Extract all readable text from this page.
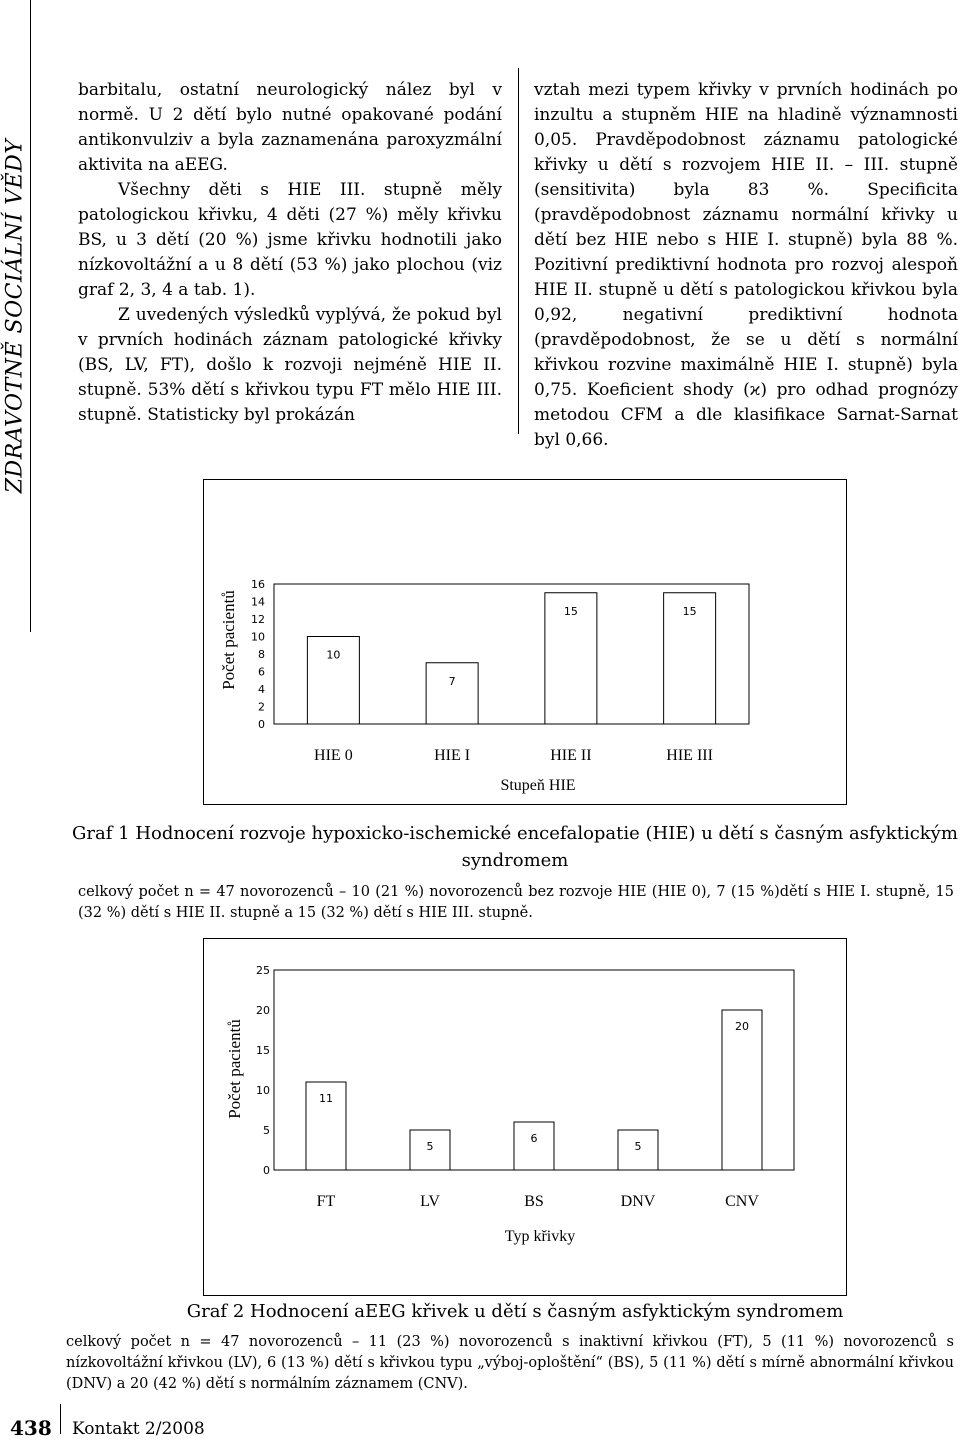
ZDRAVOTNĚ SOCIÁLNÍ VĚDY

barbitalu, ostatní neurologický nález byl v normě. U 2 dětí bylo nutné opakované podání antikonvulziv a byla zaznamenána paroxyzmální aktivita na aEEG.

Všechny děti s HIE III. stupně měly patologickou křivku, 4 děti (27 %) měly křivku BS, u 3 dětí (20 %) jsme křivku hodnotili jako nízkovoltážní a u 8 dětí (53 %) jako plochou (viz graf 2, 3, 4 a tab. 1).

Z uvedených výsledků vyplývá, že pokud byl v prvních hodinách záznam patologické křivky (BS, LV, FT), došlo k rozvoji nejméně HIE II. stupně. 53% dětí s křivkou typu FT mělo HIE III. stupně. Statisticky byl prokázán

vztah mezi typem křivky v prvních hodinách po inzultu a stupněm HIE na hladině významnosti 0,05. Pravděpodobnost záznamu patologické křivky u dětí s rozvojem HIE II. – III. stupně (sensitivita) byla 83 %. Specificita (pravděpodobnost záznamu normální křivky u dětí bez HIE nebo s HIE I. stupně) byla 88 %. Pozitivní prediktivní hodnota pro rozvoj alespoň HIE II. stupně u dětí s patologickou křivkou byla 0,92, negativní prediktivní hodnota (pravděpodobnost, že se u dětí s normální křivkou rozvine maximálně HIE I. stupně) byla 0,75. Koeficient shody (ϰ) pro odhad prognózy metodou CFM a dle klasifikace Sarnat-Sarnat byl 0,66.

0
2
4
6
8
10
12
14
16
Počet pacientů	10
HIE 0
7
HIE I
15
HIE II
15
HIE III
Stupeň HIE
Graf 1 Hodnocení rozvoje hypoxicko-ischemické encefalopatie (HIE) u dětí s časným asfyktickým syndromem
celkový počet n = 47 novorozenců – 10 (21 %) novorozenců bez rozvoje HIE (HIE 0), 7 (15 %)dětí s HIE I. stupně, 15 (32 %) dětí s HIE II. stupně a 15 (32 %) dětí s HIE III. stupně.
0
5
10
15
20
25
Počet pacientů	11
FT
5
LV
6
BS
5
DNV
20
CNV
Typ křivky
Graf 2 Hodnocení aEEG křivek u dětí s časným asfyktickým syndromem
celkový počet n = 47 novorozenců – 11 (23 %) novorozenců s inaktivní křivkou (FT), 5 (11 %) novorozenců s nízkovoltážní křivkou (LV), 6 (13 %) dětí s křivkou typu „výboj-oploštění“ (BS), 5 (11 %) dětí s mírně abnormální křivkou (DNV) a 20 (42 %) dětí s normálním záznamem (CNV).
438 Kontakt 2/2008
